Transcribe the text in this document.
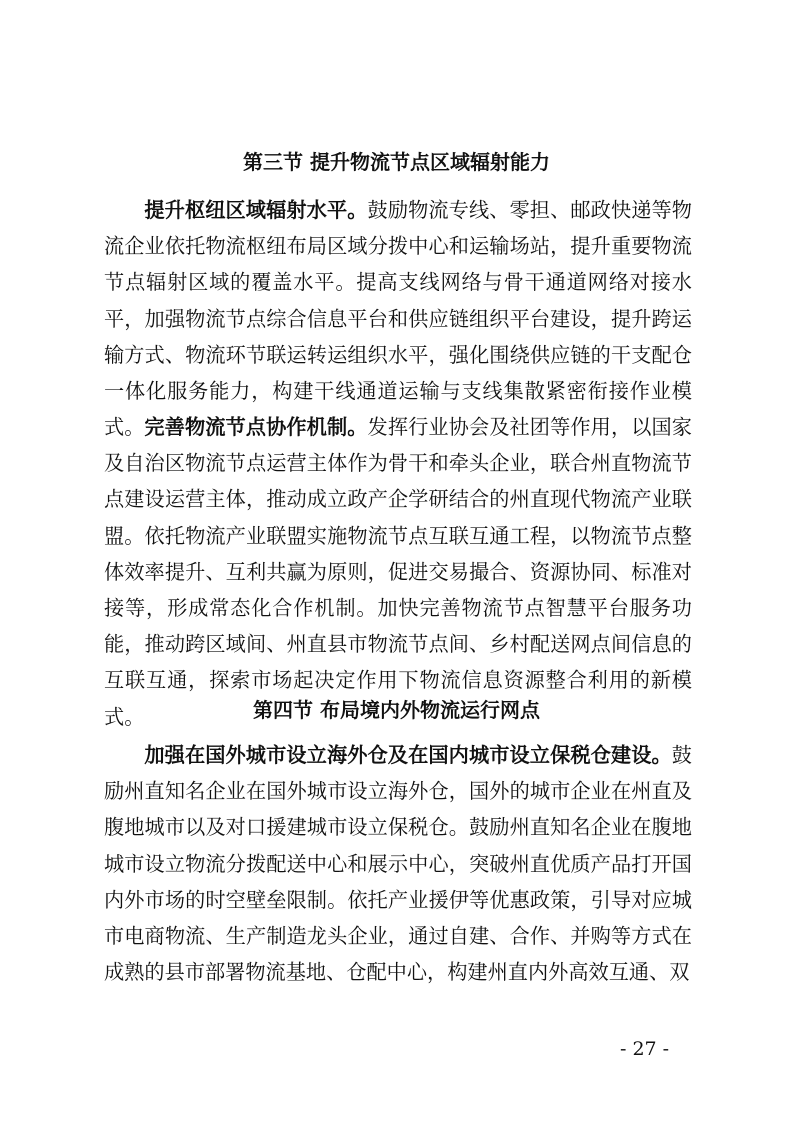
第三节 提升物流节点区域辐射能力

提升枢纽区域辐射水平。鼓励物流专线、零担、邮政快递等物流企业依托物流枢纽布局区域分拨中心和运输场站，提升重要物流节点辐射区域的覆盖水平。提高支线网络与骨干通道网络对接水平，加强物流节点综合信息平台和供应链组织平台建设，提升跨运输方式、物流环节联运转运组织水平，强化围绕供应链的干支配仓一体化服务能力，构建干线通道运输与支线集散紧密衔接作业模式。 完善物流节点协作机制。发挥行业协会及社团等作用，以国家及自治区物流节点运营主体作为骨干和牵头企业，联合州直物流节点建设运营主体，推动成立政产企学研结合的州直现代物流产业联盟。依托物流产业联盟实施物流节点互联互通工程，以物流节点整体效率提升、互利共赢为原则，促进交易撮合、资源协同、标准对接等，形成常态化合作机制。加快完善物流节点智慧平台服务功能，推动跨区域间、州直县市物流节点间、乡村配送网点间信息的互联互通，探索市场起决定作用下物流信息资源整合利用的新模式。	第四节 布局境内外物流运行网点

加强在国外城市设立海外仓及在国内城市设立保税仓建设。鼓励州直知名企业在国外城市设立海外仓，国外的城市企业在州直及腹地城市以及对口援建城市设立保税仓。鼓励州直知名企业在腹地城市设立物流分拨配送中心和展示中心，突破州直优质产品打开国内外市场的时空壁垒限制。依托产业援伊等优惠政策，引导对应城市电商物流、生产制造龙头企业，通过自建、合作、并购等方式在成熟的县市部署物流基地、仓配中心，构建州直内外高效互通、双

- 27 -
